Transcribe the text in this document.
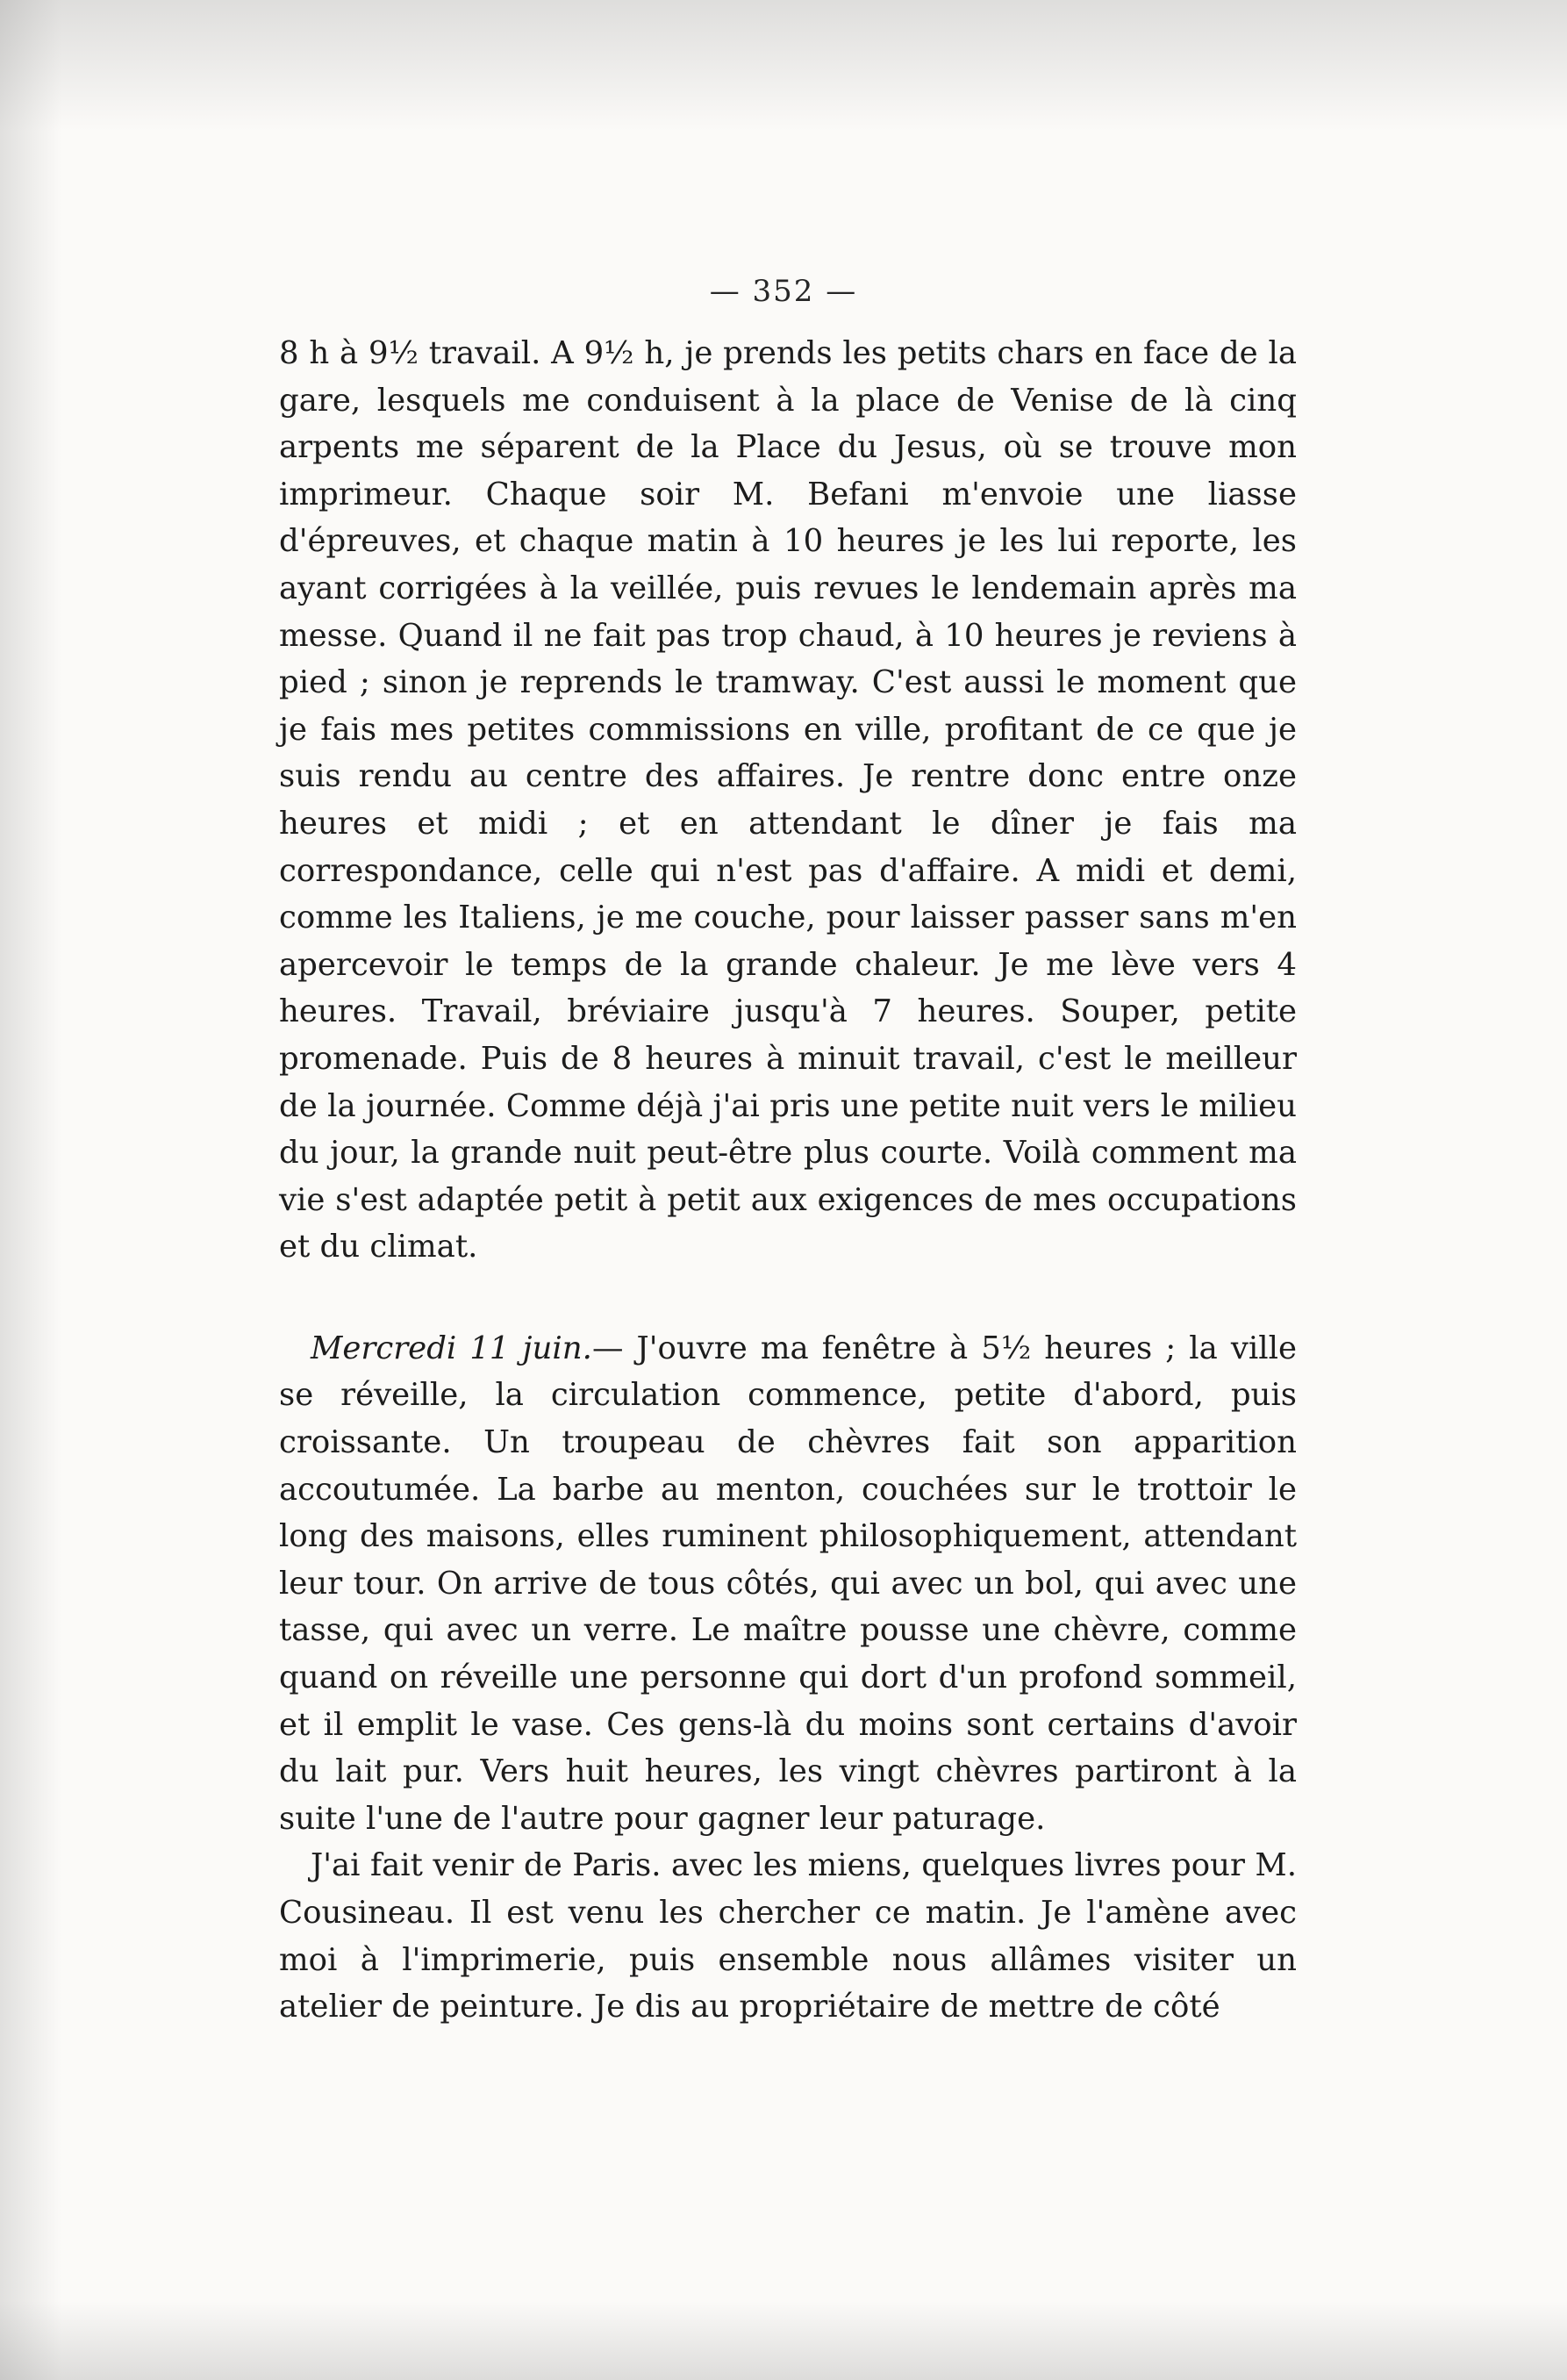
— 352 —

8 h à 9½ travail. A 9½ h, je prends les petits chars en face de la gare, lesquels me conduisent à la place de Venise de là cinq arpents me séparent de la Place du Jesus, où se trouve mon imprimeur. Chaque soir M. Befani m'envoie une liasse d'épreuves, et chaque matin à 10 heures je les lui reporte, les ayant corrigées à la veillée, puis revues le lendemain après ma messe. Quand il ne fait pas trop chaud, à 10 heures je reviens à pied ; sinon je reprends le tramway. C'est aussi le moment que je fais mes petites commissions en ville, profitant de ce que je suis rendu au centre des affaires. Je rentre donc entre onze heures et midi ; et en attendant le dîner je fais ma correspondance, celle qui n'est pas d'affaire. A midi et demi, comme les Italiens, je me couche, pour laisser passer sans m'en apercevoir le temps de la grande chaleur. Je me lève vers 4 heures. Travail, bréviaire jusqu'à 7 heures. Souper, petite promenade. Puis de 8 heures à minuit travail, c'est le meilleur de la journée. Comme déjà j'ai pris une petite nuit vers le milieu du jour, la grande nuit peut-être plus courte. Voilà comment ma vie s'est adaptée petit à petit aux exigences de mes occupations et du climat.

Mercredi 11 juin.— J'ouvre ma fenêtre à 5½ heures ; la ville se réveille, la circulation commence, petite d'abord, puis croissante. Un troupeau de chèvres fait son apparition accoutumée. La barbe au menton, couchées sur le trottoir le long des maisons, elles ruminent philosophiquement, attendant leur tour. On arrive de tous côtés, qui avec un bol, qui avec une tasse, qui avec un verre. Le maître pousse une chèvre, comme quand on réveille une personne qui dort d'un profond sommeil, et il emplit le vase. Ces gens-là du moins sont certains d'avoir du lait pur. Vers huit heures, les vingt chèvres partiront à la suite l'une de l'autre pour gagner leur paturage.

J'ai fait venir de Paris. avec les miens, quelques livres pour M. Cousineau. Il est venu les chercher ce matin. Je l'amène avec moi à l'imprimerie, puis ensemble nous allâmes visiter un atelier de peinture. Je dis au propriétaire de mettre de côté
